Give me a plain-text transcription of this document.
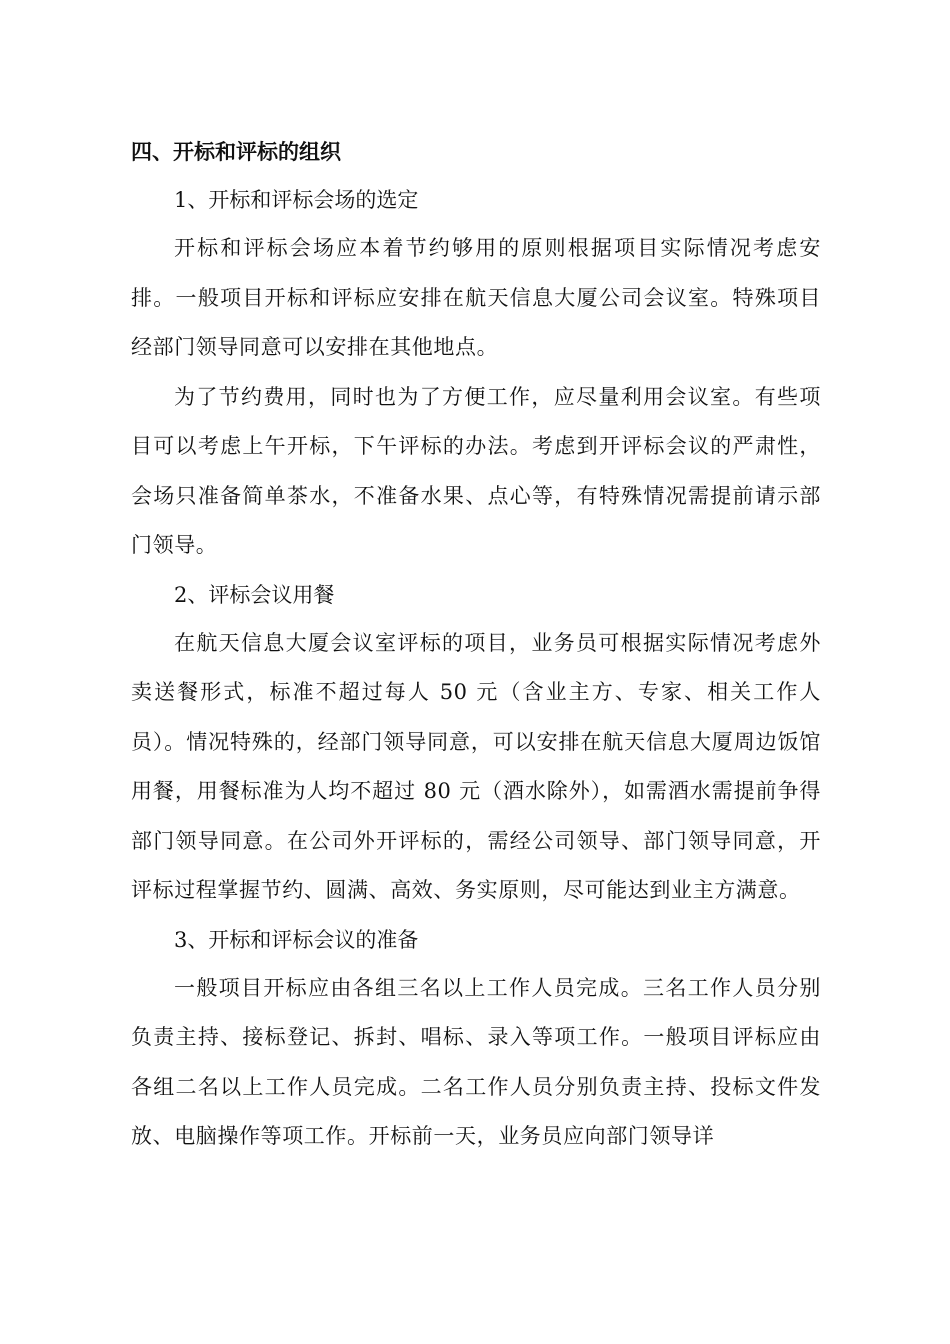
四、开标和评标的组织

1、开标和评标会场的选定

开标和评标会场应本着节约够用的原则根据项目实际情况考虑安排。一般项目开标和评标应安排在航天信息大厦公司会议室。特殊项目经部门领导同意可以安排在其他地点。

为了节约费用，同时也为了方便工作，应尽量利用会议室。有些项目可以考虑上午开标，下午评标的办法。考虑到开评标会议的严肃性，会场只准备简单茶水，不准备水果、点心等，有特殊情况需提前请示部门领导。

2、评标会议用餐

在航天信息大厦会议室评标的项目，业务员可根据实际情况考虑外卖送餐形式，标准不超过每人 50 元（含业主方、专家、相关工作人员）。情况特殊的，经部门领导同意，可以安排在航天信息大厦周边饭馆用餐，用餐标准为人均不超过 80 元（酒水除外），如需酒水需提前争得部门领导同意。在公司外开评标的，需经公司领导、部门领导同意，开评标过程掌握节约、圆满、高效、务实原则，尽可能达到业主方满意。

3、开标和评标会议的准备

一般项目开标应由各组三名以上工作人员完成。三名工作人员分别负责主持、接标登记、拆封、唱标、录入等项工作。一般项目评标应由各组二名以上工作人员完成。二名工作人员分别负责主持、投标文件发放、电脑操作等项工作。开标前一天，业务员应向部门领导详
